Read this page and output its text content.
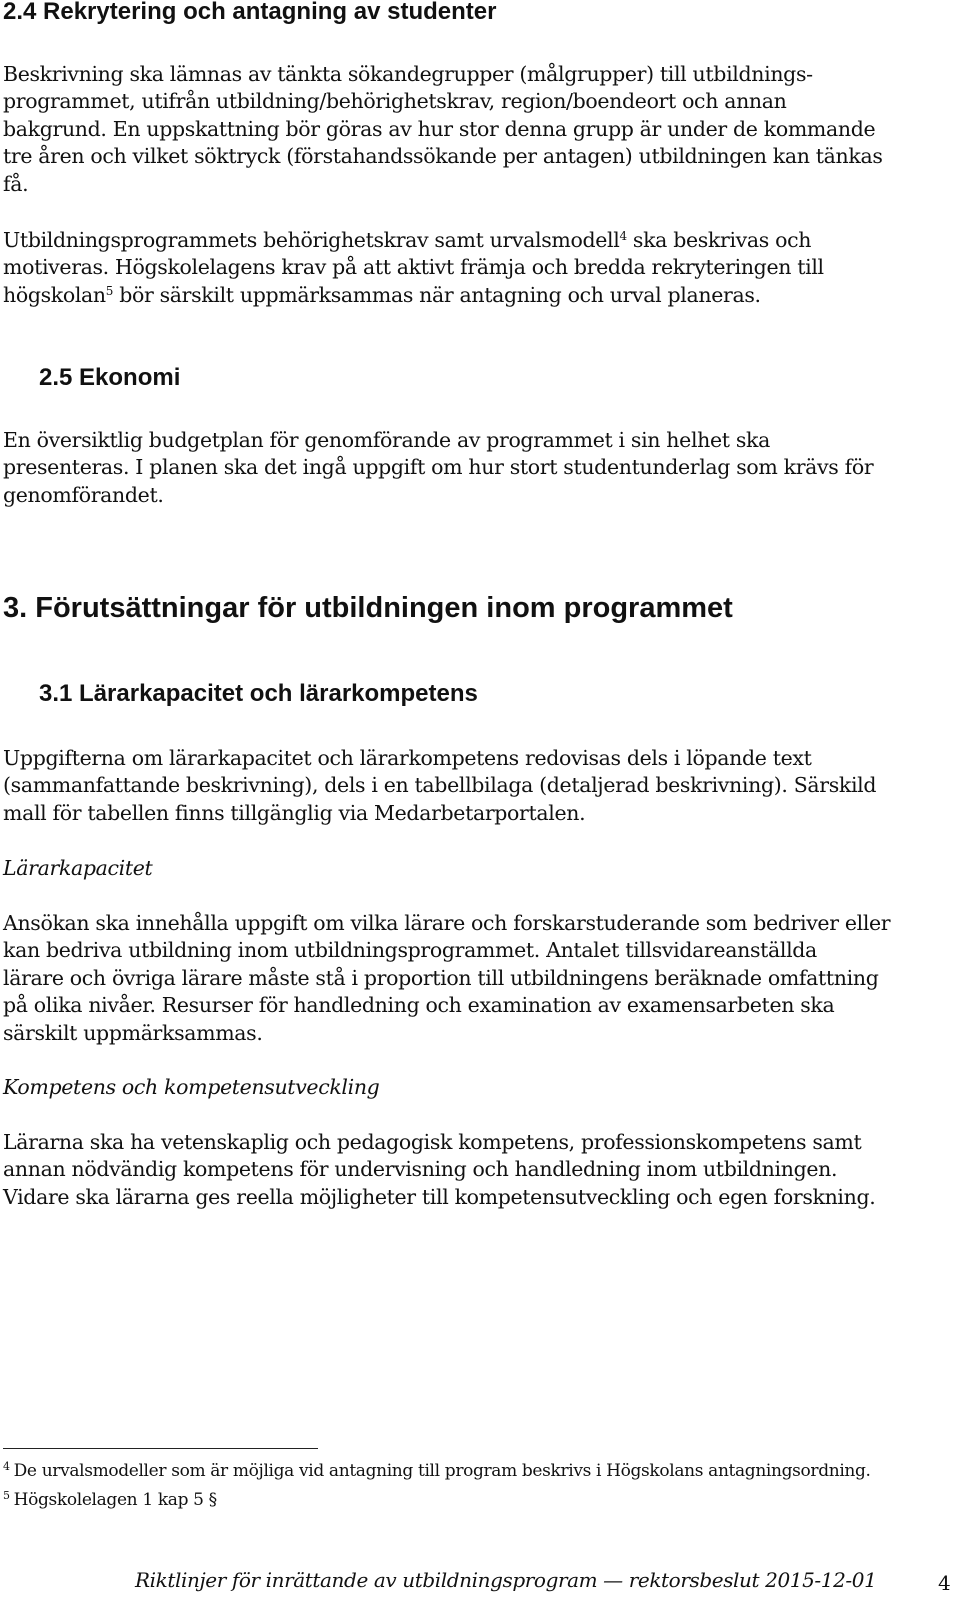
2.4 Rekrytering och antagning av studenter

Beskrivning ska lämnas av tänkta sökandegrupper (målgrupper) till utbildnings-
programmet, utifrån utbildning/behörighetskrav, region/boendeort och annan
bakgrund. En uppskattning bör göras av hur stor denna grupp är under de kommande
tre åren och vilket söktryck (förstahandssökande per antagen) utbildningen kan tänkas
få.

Utbildningsprogrammets behörighetskrav samt urvalsmodell$^4$ ska beskrivas och
motiveras. Högskolelagens krav på att aktivt främja och bredda rekryteringen till
högskolan$^5$ bör särskilt uppmärksammas när antagning och urval planeras.

2.5 Ekonomi

En översiktlig budgetplan för genomförande av programmet i sin helhet ska
presenteras. I planen ska det ingå uppgift om hur stort studentunderlag som krävs för
genomförandet.

3. Förutsättningar för utbildningen inom programmet
3.1 Lärarkapacitet och lärarkompetens

Uppgifterna om lärarkapacitet och lärarkompetens redovisas dels i löpande text
(sammanfattande beskrivning), dels i en tabellbilaga (detaljerad beskrivning). Särskild
mall för tabellen finns tillgänglig via Medarbetarportalen.

Lärarkapacitet

Ansökan ska innehålla uppgift om vilka lärare och forskarstuderande som bedriver eller
kan bedriva utbildning inom utbildningsprogrammet. Antalet tillsvidareanställda
lärare och övriga lärare måste stå i proportion till utbildningens beräknade omfattning
på olika nivåer. Resurser för handledning och examination av examensarbeten ska
särskilt uppmärksammas.

Kompetens och kompetensutveckling

Lärarna ska ha vetenskaplig och pedagogisk kompetens, professionskompetens samt
annan nödvändig kompetens för undervisning och handledning inom utbildningen.
Vidare ska lärarna ges reella möjligheter till kompetensutveckling och egen forskning.

$^4$ De urvalsmodeller som är möjliga vid antagning till program beskrivs i Högskolans antagningsordning.

$^5$ Högskolelagen 1 kap 5 §

Riktlinjer för inrättande av utbildningsprogram — rektorsbeslut 2015-12-01	4
